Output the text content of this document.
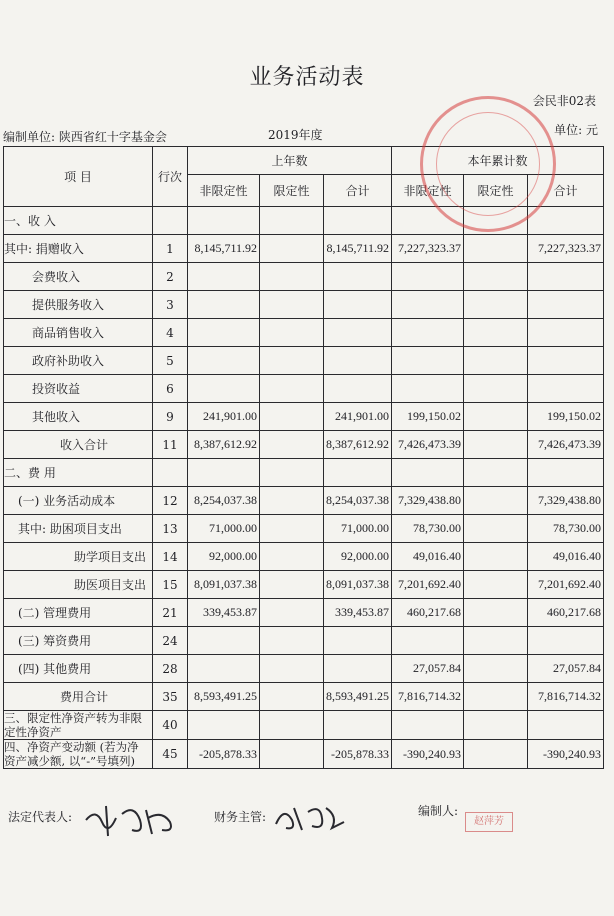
业务活动表
会民非02表
编制单位: 陕西省红十字基金会	2019年度	单位: 元
项 目	行次	上年数			本年累计数		
		非限定性	限定性	合计	非限定性	限定性	合计
一、收 入							
其中: 捐赠收入	1	8,145,711.92		8,145,711.92	7,227,323.37		7,227,323.37
会费收入	2						
提供服务收入	3						
商品销售收入	4						
政府补助收入	5						
投资收益	6						
其他收入	9	241,901.00		241,901.00	199,150.02		199,150.02
收入合计	11	8,387,612.92		8,387,612.92	7,426,473.39		7,426,473.39
二、费 用							
(一) 业务活动成本	12	8,254,037.38		8,254,037.38	7,329,438.80		7,329,438.80
其中: 助困项目支出	13	71,000.00		71,000.00	78,730.00		78,730.00
助学项目支出	14	92,000.00		92,000.00	49,016.40		49,016.40
助医项目支出	15	8,091,037.38		8,091,037.38	7,201,692.40		7,201,692.40
(二) 管理费用	21	339,453.87		339,453.87	460,217.68		460,217.68
(三) 筹资费用	24						
(四) 其他费用	28				27,057.84		27,057.84
费用合计	35	8,593,491.25		8,593,491.25	7,816,714.32		7,816,714.32
三、限定性净资产转为非限定性净资产	40						
四、净资产变动额 (若为净资产减少额, 以“-”号填列)	45	-205,878.33		-205,878.33	-390,240.93		-390,240.93
法定代表人:	财务主管:	编制人:
赵萍芳
